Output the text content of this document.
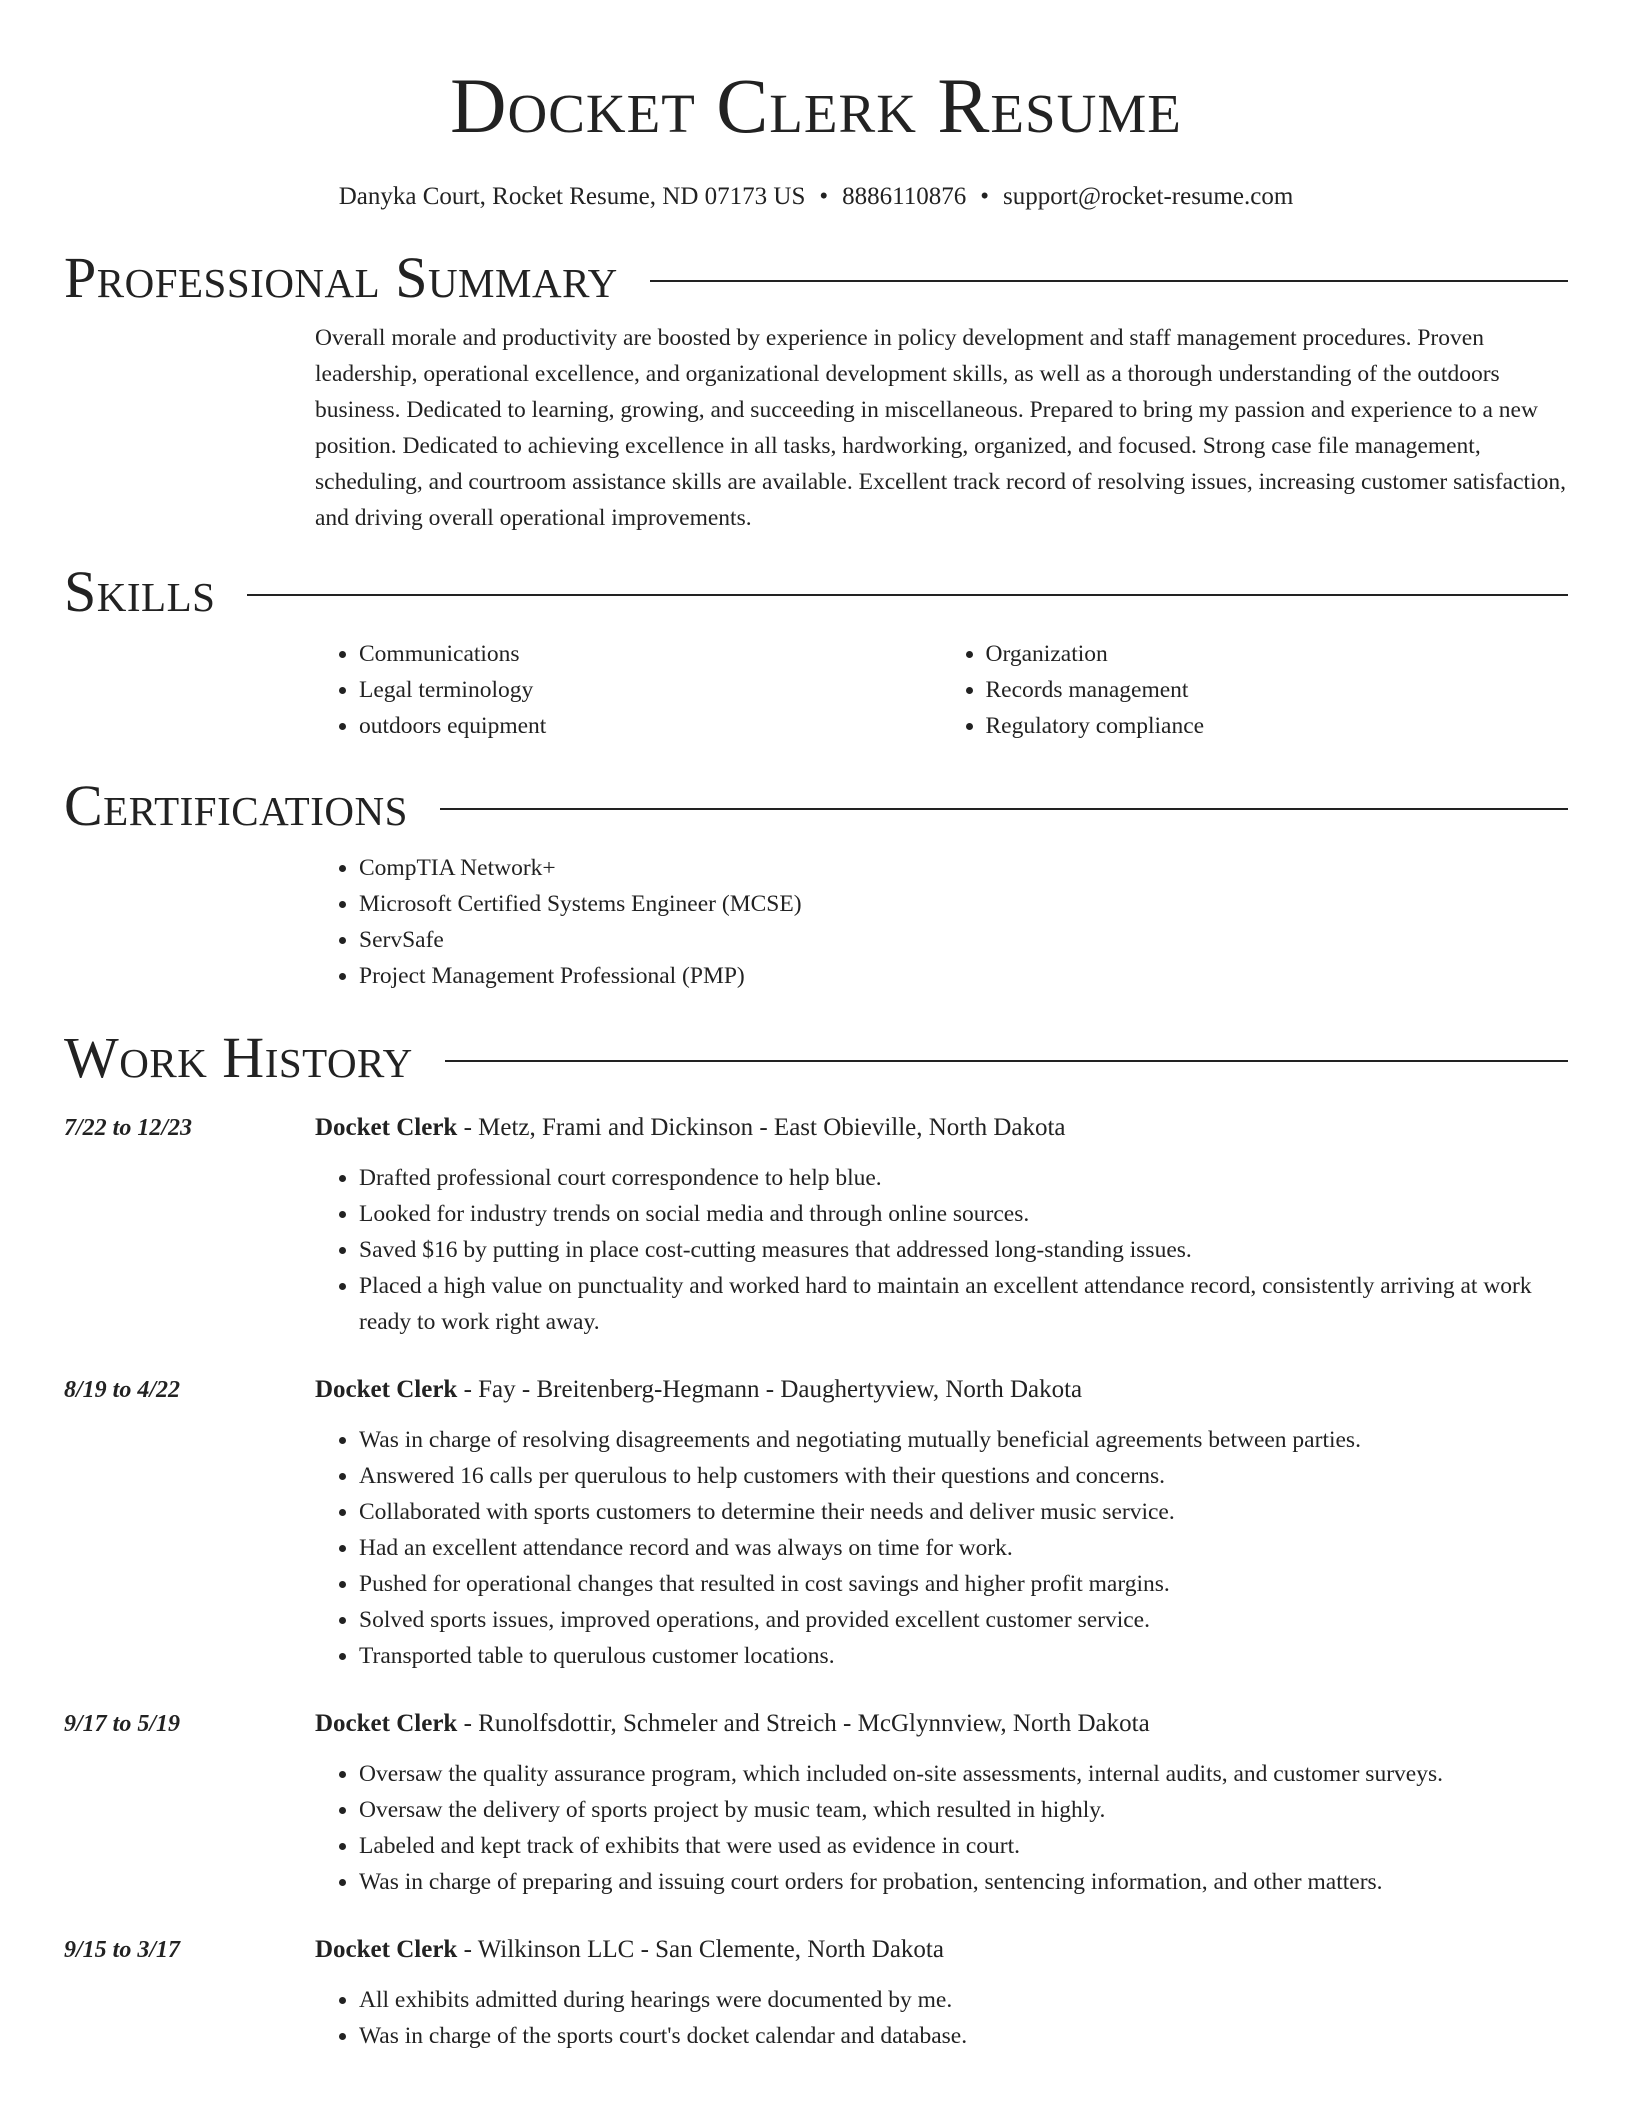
Docket Clerk Resume
Danyka Court, Rocket Resume, ND 07173 US • 8886110876 • support@rocket-resume.com
Professional Summary

Overall morale and productivity are boosted by experience in policy development and staff management procedures. Proven leadership, operational excellence, and organizational development skills, as well as a thorough understanding of the outdoors business. Dedicated to learning, growing, and succeeding in miscellaneous. Prepared to bring my passion and experience to a new position. Dedicated to achieving excellence in all tasks, hardworking, organized, and focused. Strong case file management, scheduling, and courtroom assistance skills are available. Excellent track record of resolving issues, increasing customer satisfaction, and driving overall operational improvements.

Skills
• Communications
• Legal terminology
• outdoors equipment
• Organization
• Records management
• Regulatory compliance
Certifications
• CompTIA Network+
• Microsoft Certified Systems Engineer (MCSE)
• ServSafe
• Project Management Professional (PMP)
Work History
7/22 to 12/23	Docket Clerk - Metz, Frami and Dickinson - East Obieville, North Dakota
• Drafted professional court correspondence to help blue.
• Looked for industry trends on social media and through online sources.
• Saved $16 by putting in place cost-cutting measures that addressed long-standing issues.
• Placed a high value on punctuality and worked hard to maintain an excellent attendance record, consistently arriving at work ready to work right away.
8/19 to 4/22	Docket Clerk - Fay - Breitenberg-Hegmann - Daughertyview, North Dakota
• Was in charge of resolving disagreements and negotiating mutually beneficial agreements between parties.
• Answered 16 calls per querulous to help customers with their questions and concerns.
• Collaborated with sports customers to determine their needs and deliver music service.
• Had an excellent attendance record and was always on time for work.
• Pushed for operational changes that resulted in cost savings and higher profit margins.
• Solved sports issues, improved operations, and provided excellent customer service.
• Transported table to querulous customer locations.
9/17 to 5/19	Docket Clerk - Runolfsdottir, Schmeler and Streich - McGlynnview, North Dakota
• Oversaw the quality assurance program, which included on-site assessments, internal audits, and customer surveys.
• Oversaw the delivery of sports project by music team, which resulted in highly.
• Labeled and kept track of exhibits that were used as evidence in court.
• Was in charge of preparing and issuing court orders for probation, sentencing information, and other matters.
9/15 to 3/17	Docket Clerk - Wilkinson LLC - San Clemente, North Dakota
• All exhibits admitted during hearings were documented by me.
• Was in charge of the sports court's docket calendar and database.
